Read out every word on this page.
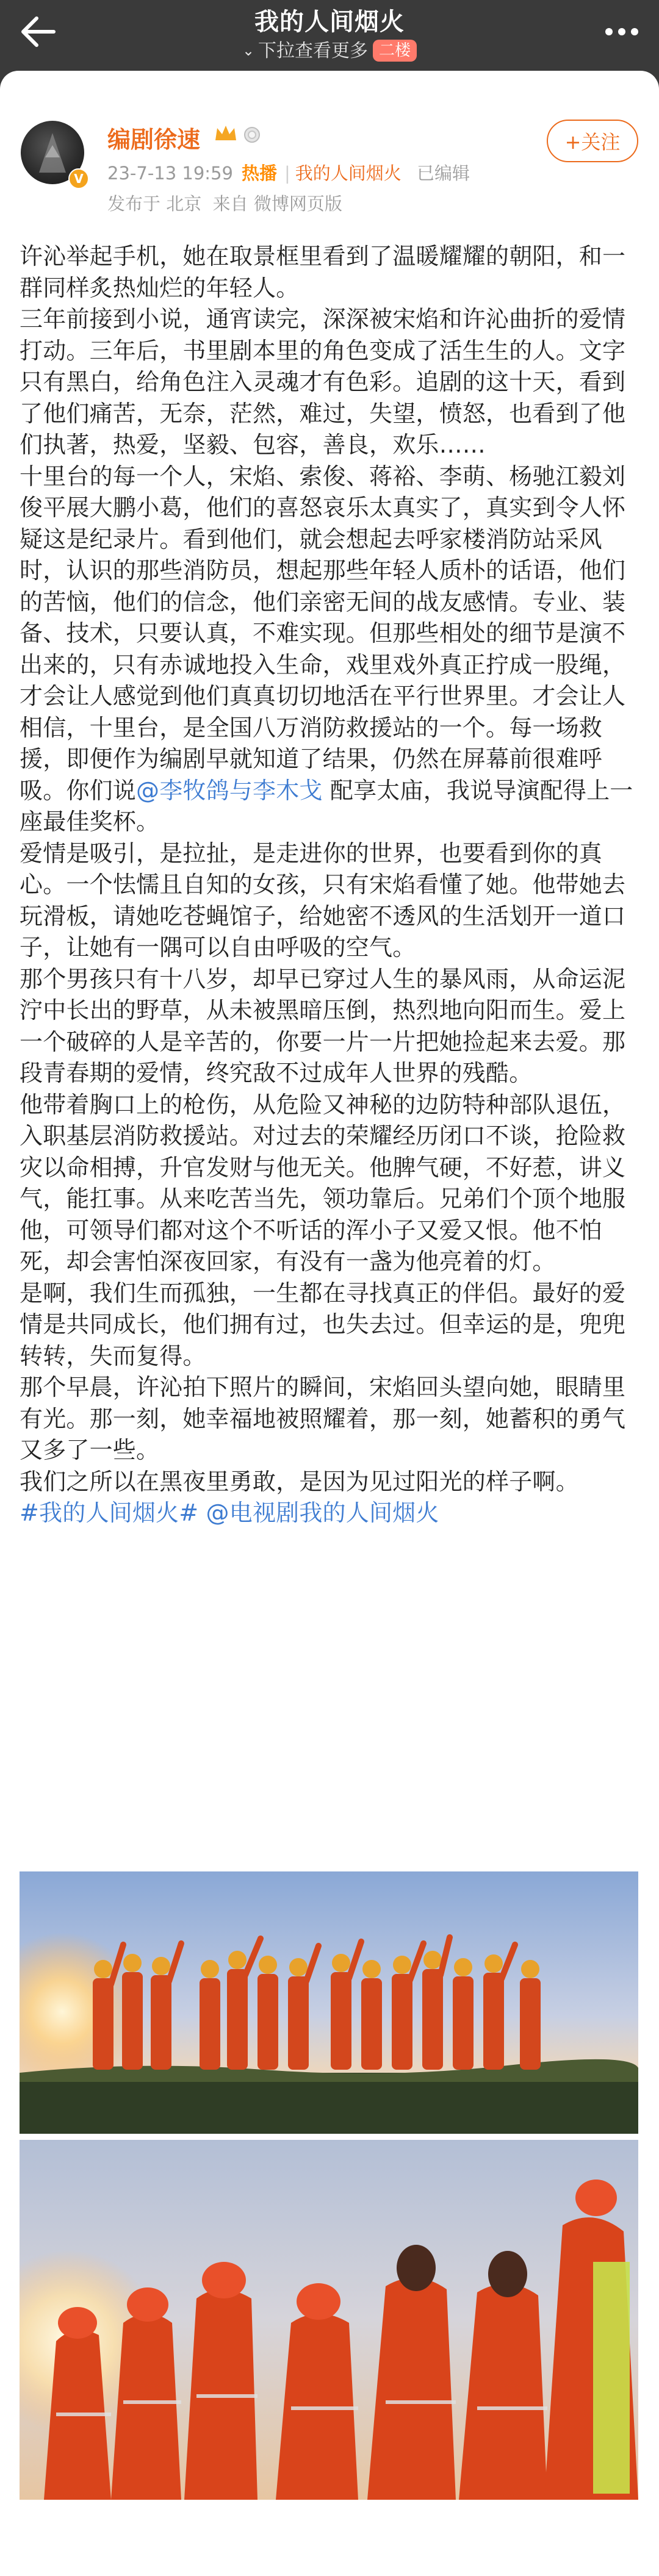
我的人间烟火
⌄ 下拉查看更多 二楼
V
编剧徐速
23-7-13 19:59 热播 | 我的人间烟火 已编辑
发布于 北京 来自 微博网页版
+关注

许沁举起手机，她在取景框里看到了温暖耀耀的朝阳，和一群同样炙热灿烂的年轻人。

三年前接到小说，通宵读完，深深被宋焰和许沁曲折的爱情打动。三年后，书里剧本里的角色变成了活生生的人。文字只有黑白，给角色注入灵魂才有色彩。追剧的这十天，看到了他们痛苦，无奈，茫然，难过，失望，愤怒，也看到了他们执著，热爱，坚毅、包容，善良，欢乐……

十里台的每一个人，宋焰、索俊、蒋裕、李萌、杨驰江毅刘俊平展大鹏小葛，他们的喜怒哀乐太真实了，真实到令人怀疑这是纪录片。看到他们，就会想起去呼家楼消防站采风时，认识的那些消防员，想起那些年轻人质朴的话语，他们的苦恼，他们的信念，他们亲密无间的战友感情。专业、装备、技术，只要认真，不难实现。但那些相处的细节是演不出来的，只有赤诚地投入生命，戏里戏外真正拧成一股绳，才会让人感觉到他们真真切切地活在平行世界里。才会让人相信，十里台，是全国八万消防救援站的一个。每一场救援，即便作为编剧早就知道了结果，仍然在屏幕前很难呼吸。你们说@李牧鸽与李木戈 配享太庙，我说导演配得上一座最佳奖杯。

爱情是吸引，是拉扯，是走进你的世界，也要看到你的真心。一个怯懦且自知的女孩，只有宋焰看懂了她。他带她去玩滑板，请她吃苍蝇馆子，给她密不透风的生活划开一道口子，让她有一隅可以自由呼吸的空气。

那个男孩只有十八岁，却早已穿过人生的暴风雨，从命运泥泞中长出的野草，从未被黑暗压倒，热烈地向阳而生。爱上一个破碎的人是辛苦的，你要一片一片把她捡起来去爱。那段青春期的爱情，终究敌不过成年人世界的残酷。

他带着胸口上的枪伤，从危险又神秘的边防特种部队退伍，入职基层消防救援站。对过去的荣耀经历闭口不谈，抢险救灾以命相搏，升官发财与他无关。他脾气硬，不好惹，讲义气，能扛事。从来吃苦当先，领功靠后。兄弟们个顶个地服他，可领导们都对这个不听话的浑小子又爱又恨。他不怕死，却会害怕深夜回家，有没有一盏为他亮着的灯。

是啊，我们生而孤独，一生都在寻找真正的伴侣。最好的爱情是共同成长，他们拥有过，也失去过。但幸运的是，兜兜转转，失而复得。

那个早晨，许沁拍下照片的瞬间，宋焰回头望向她，眼睛里有光。那一刻，她幸福地被照耀着，那一刻，她蓄积的勇气又多了一些。

我们之所以在黑夜里勇敢，是因为见过阳光的样子啊。

#我的人间烟火# @电视剧我的人间烟火
